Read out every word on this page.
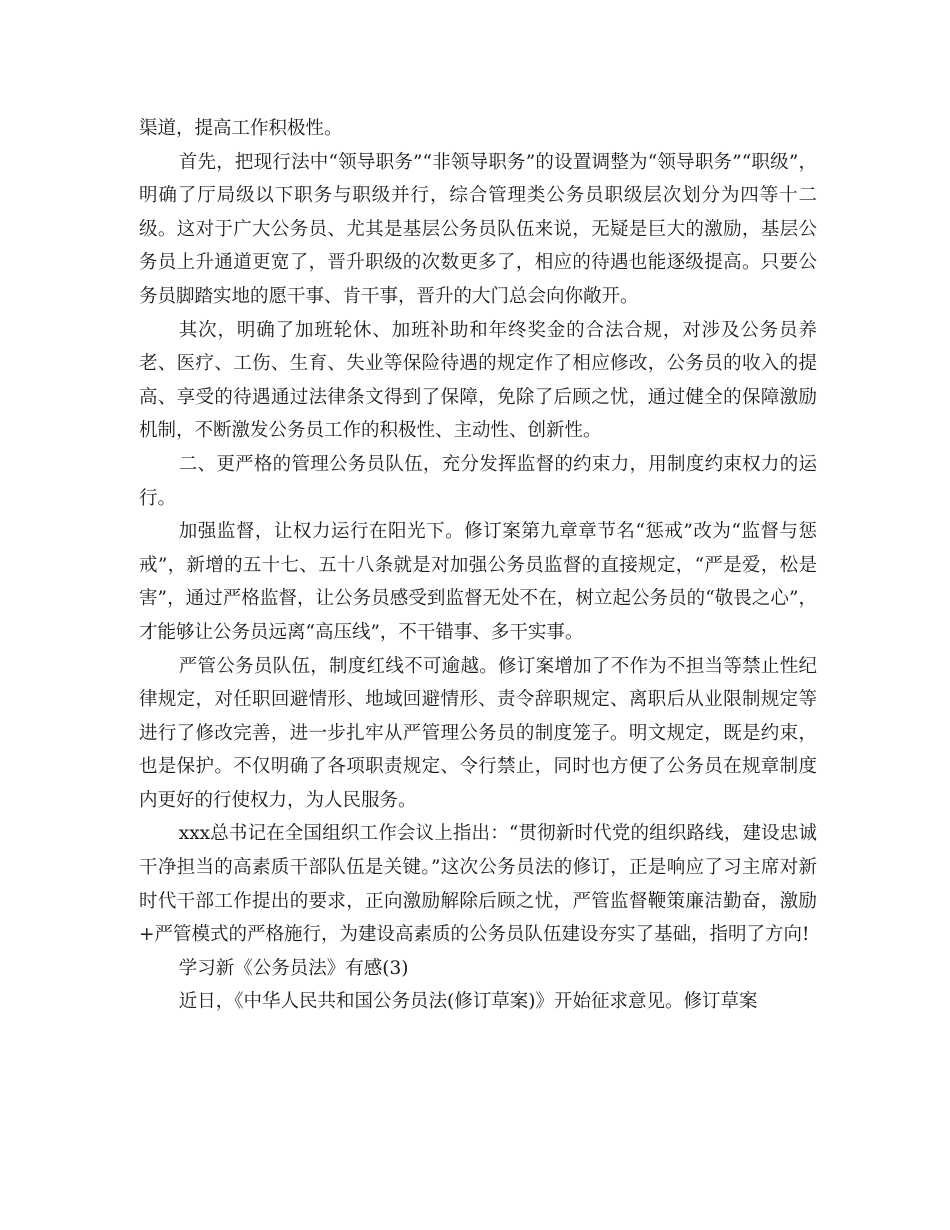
渠道，提高工作积极性。

首先，把现行法中“领导职务”“非领导职务”的设置调整为“领导职务”“职级”，明确了厅局级以下职务与职级并行，综合管理类公务员职级层次划分为四等十二级。这对于广大公务员、尤其是基层公务员队伍来说，无疑是巨大的激励，基层公务员上升通道更宽了，晋升职级的次数更多了，相应的待遇也能逐级提高。只要公务员脚踏实地的愿干事、肯干事，晋升的大门总会向你敞开。

其次，明确了加班轮休、加班补助和年终奖金的合法合规，对涉及公务员养老、医疗、工伤、生育、失业等保险待遇的规定作了相应修改，公务员的收入的提高、享受的待遇通过法律条文得到了保障，免除了后顾之忧，通过健全的保障激励机制，不断激发公务员工作的积极性、主动性、创新性。

二、更严格的管理公务员队伍，充分发挥监督的约束力，用制度约束权力的运行。

加强监督，让权力运行在阳光下。修订案第九章章节名“惩戒”改为“监督与惩戒”，新增的五十七、五十八条就是对加强公务员监督的直接规定，“严是爱，松是害”，通过严格监督，让公务员感受到监督无处不在，树立起公务员的“敬畏之心”，才能够让公务员远离“高压线”，不干错事、多干实事。

严管公务员队伍，制度红线不可逾越。修订案增加了不作为不担当等禁止性纪律规定，对任职回避情形、地域回避情形、责令辞职规定、离职后从业限制规定等进行了修改完善，进一步扎牢从严管理公务员的制度笼子。明文规定，既是约束，也是保护。不仅明确了各项职责规定、令行禁止，同时也方便了公务员在规章制度内更好的行使权力，为人民服务。

xxx总书记在全国组织工作会议上指出：“贯彻新时代党的组织路线，建设忠诚干净担当的高素质干部队伍是关键。”这次公务员法的修订，正是响应了习主席对新时代干部工作提出的要求，正向激励解除后顾之忧，严管监督鞭策廉洁勤奋，激励+严管模式的严格施行，为建设高素质的公务员队伍建设夯实了基础，指明了方向!

学习新《公务员法》有感(3)

近日，《中华人民共和国公务员法(修订草案)》开始征求意见。修订草案
